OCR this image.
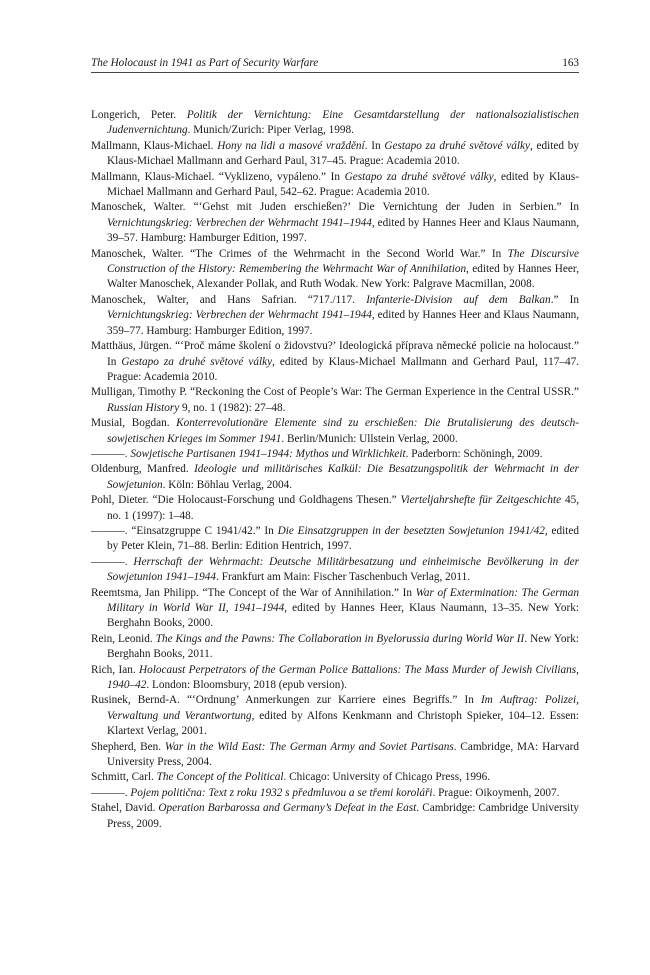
The Holocaust in 1941 as Part of Security Warfare	163

Longerich, Peter. Politik der Vernichtung: Eine Gesamtdarstellung der nationalsozialistischen Judenvernichtung. Munich/Zurich: Piper Verlag, 1998.

Mallmann, Klaus-Michael. Hony na lidi a masové vraždění. In Gestapo za druhé světové války, edited by Klaus-Michael Mallmann and Gerhard Paul, 317–45. Prague: Academia 2010.

Mallmann, Klaus-Michael. “Vyklizeno, vypáleno.” In Gestapo za druhé světové války, edited by Klaus-Michael Mallmann and Gerhard Paul, 542–62. Prague: Academia 2010.

Manoschek, Walter. “‘Gehst mit Juden erschießen?’ Die Vernichtung der Juden in Serbien.” In Vernichtungskrieg: Verbrechen der Wehrmacht 1941–1944, edited by Hannes Heer and Klaus Naumann, 39–57. Hamburg: Hamburger Edition, 1997.

Manoschek, Walter. “The Crimes of the Wehrmacht in the Second World War.” In The Discursive Construction of the History: Remembering the Wehrmacht War of Annihilation, edited by Hannes Heer, Walter Manoschek, Alexander Pollak, and Ruth Wodak. New York: Palgrave Macmillan, 2008.

Manoschek, Walter, and Hans Safrian. “717./117. Infanterie-Division auf dem Balkan.” In Vernichtungskrieg: Verbrechen der Wehrmacht 1941–1944, edited by Hannes Heer and Klaus Naumann, 359–77. Hamburg: Hamburger Edition, 1997.

Matthäus, Jürgen. “‘Proč máme školení o židovstvu?’ Ideologická příprava německé policie na holocaust.” In Gestapo za druhé světové války, edited by Klaus-Michael Mallmann and Gerhard Paul, 117–47. Prague: Academia 2010.

Mulligan, Timothy P. “Reckoning the Cost of People’s War: The German Experience in the Central USSR.” Russian History 9, no. 1 (1982): 27–48.

Musial, Bogdan. Konterrevolutionäre Elemente sind zu erschießen: Die Brutalisierung des deutsch-sowjetischen Krieges im Sommer 1941. Berlin/Munich: Ullstein Verlag, 2000.

———. Sowjetische Partisanen 1941–1944: Mythos und Wirklichkeit. Paderborn: Schöningh, 2009.

Oldenburg, Manfred. Ideologie und militärisches Kalkül: Die Besatzungspolitik der Wehrmacht in der Sowjetunion. Köln: Böhlau Verlag, 2004.

Pohl, Dieter. “Die Holocaust-Forschung und Goldhagens Thesen.” Vierteljahrshefte für Zeitgeschichte 45, no. 1 (1997): 1–48.

———. “Einsatzgruppe C 1941/42.” In Die Einsatzgruppen in der besetzten Sowjetunion 1941/42, edited by Peter Klein, 71–88. Berlin: Edition Hentrich, 1997.

———. Herrschaft der Wehrmacht: Deutsche Militärbesatzung und einheimische Bevölkerung in der Sowjetunion 1941–1944. Frankfurt am Main: Fischer Taschenbuch Verlag, 2011.

Reemtsma, Jan Philipp. “The Concept of the War of Annihilation.” In War of Extermination: The German Military in World War II, 1941–1944, edited by Hannes Heer, Klaus Naumann, 13–35. New York: Berghahn Books, 2000.

Rein, Leonid. The Kings and the Pawns: The Collaboration in Byelorussia during World War II. New York: Berghahn Books, 2011.

Rich, Ian. Holocaust Perpetrators of the German Police Battalions: The Mass Murder of Jewish Civilians, 1940–42. London: Bloomsbury, 2018 (epub version).

Rusinek, Bernd-A. “‘Ordnung’ Anmerkungen zur Karriere eines Begriffs.” In Im Auftrag: Polizei, Verwaltung und Verantwortung, edited by Alfons Kenkmann and Christoph Spieker, 104–12. Essen: Klartext Verlag, 2001.

Shepherd, Ben. War in the Wild East: The German Army and Soviet Partisans. Cambridge, MA: Harvard University Press, 2004.

Schmitt, Carl. The Concept of the Political. Chicago: University of Chicago Press, 1996.

———. Pojem politična: Text z roku 1932 s předmluvou a se třemi koroláři. Prague: Oikoymenh, 2007.

Stahel, David. Operation Barbarossa and Germany’s Defeat in the East. Cambridge: Cambridge University Press, 2009.
